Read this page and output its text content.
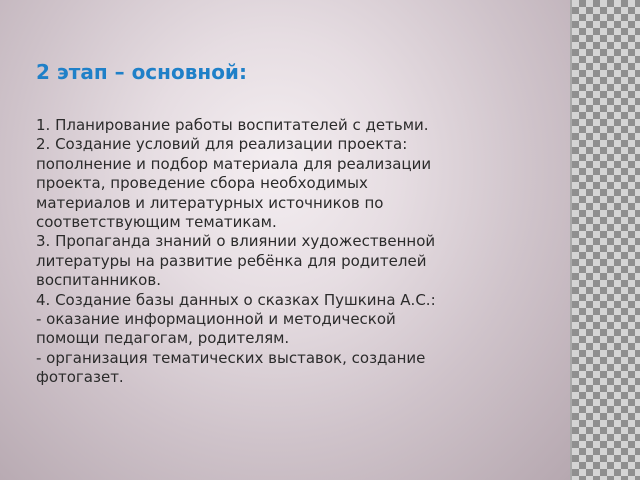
2 этап – основной:
1. Планирование работы воспитателей с детьми.
2. Создание условий для реализации проекта:
пополнение и подбор материала для реализации
проекта, проведение сбора необходимых
материалов и литературных источников по
соответствующим тематикам.
3. Пропаганда знаний о влиянии художественной
литературы на развитие ребёнка для родителей
воспитанников.
4. Создание базы данных о сказках Пушкина А.С.:
- оказание информационной и методической
помощи педагогам, родителям.
- организация тематических выставок, создание
фотогазет.
